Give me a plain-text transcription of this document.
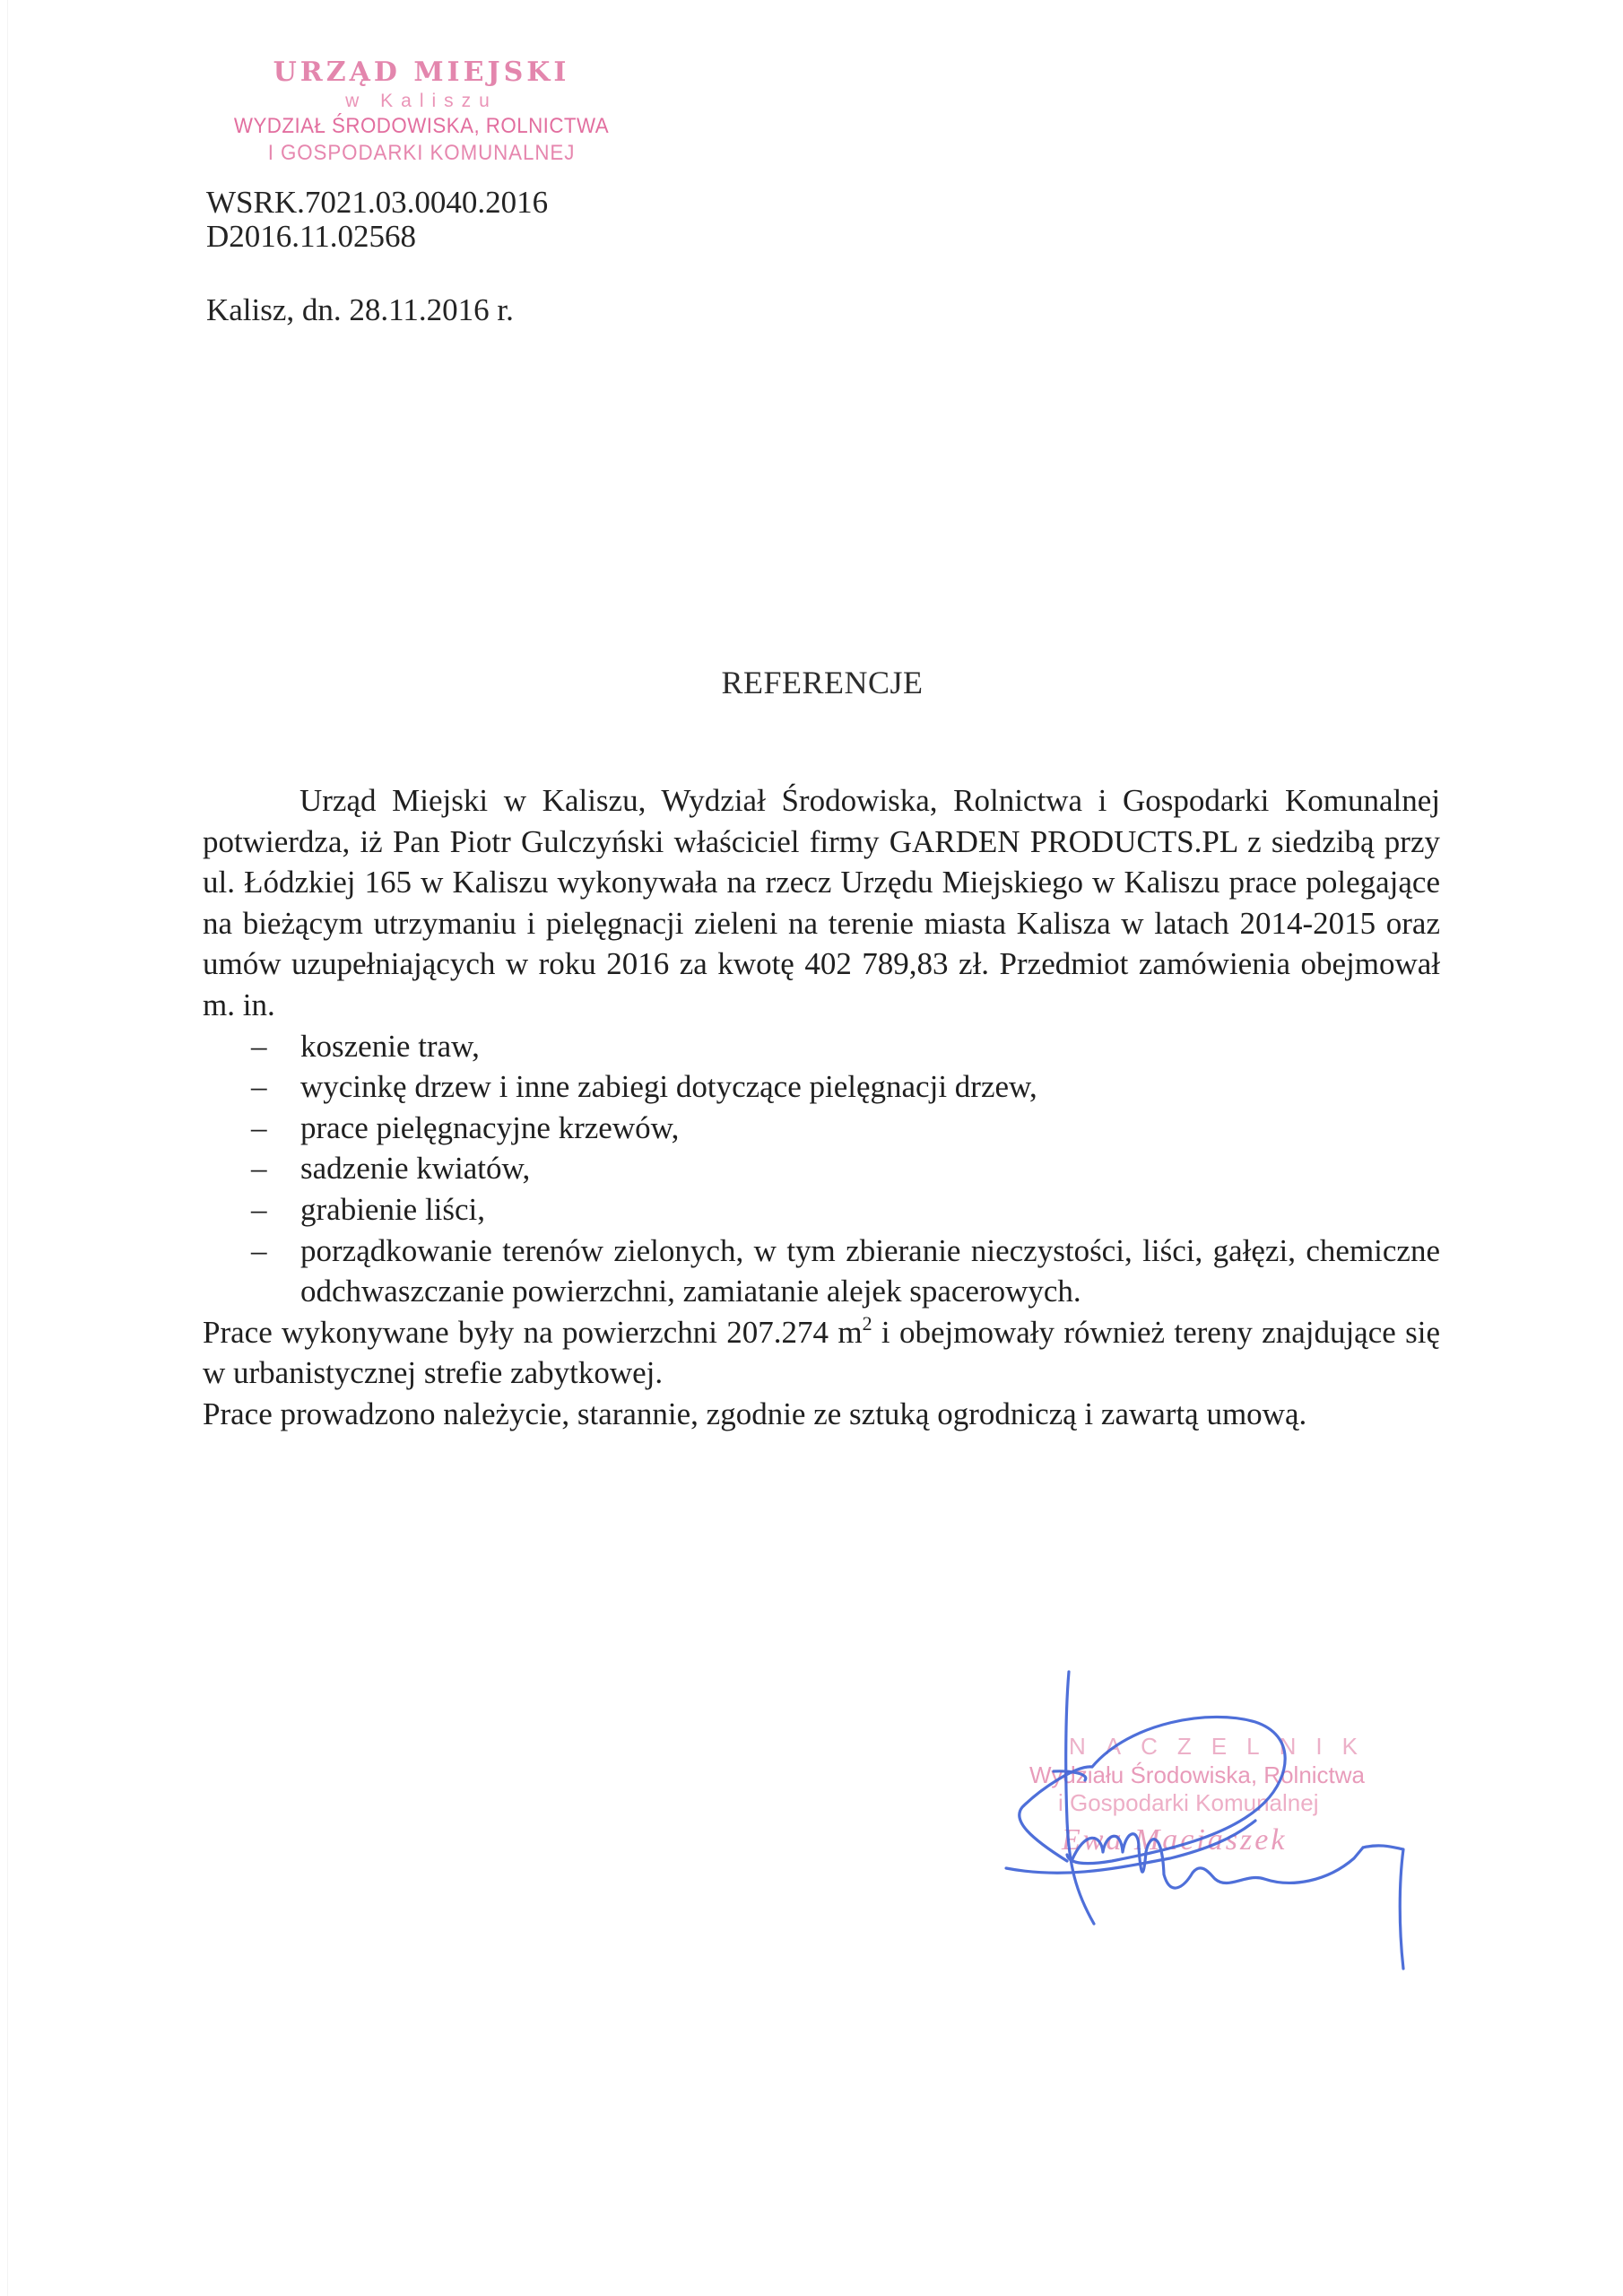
URZĄD MIEJSKI
w Kaliszu
WYDZIAŁ ŚRODOWISKA, ROLNICTWA
I GOSPODARKI KOMUNALNEJ
WSRK.7021.03.0040.2016
D2016.11.02568
Kalisz, dn. 28.11.2016 r.
REFERENCJE

Urząd Miejski w Kaliszu, Wydział Środowiska, Rolnictwa i Gospodarki Komunalnej potwierdza, iż Pan Piotr Gulczyński właściciel firmy GARDEN PRODUCTS.PL z siedzibą przy ul. Łódzkiej 165 w Kaliszu wykonywała na rzecz Urzędu Miejskiego w Kaliszu prace polegające na bieżącym utrzymaniu i pielęgnacji zieleni na terenie miasta Kalisza w latach 2014-2015 oraz umów uzupełniających w roku 2016 za kwotę 402 789,83 zł. Przedmiot zamówienia obejmował m. in.

– koszenie traw,
– wycinkę drzew i inne zabiegi dotyczące pielęgnacji drzew,
– prace pielęgnacyjne krzewów,
– sadzenie kwiatów,
– grabienie liści,
– porządkowanie terenów zielonych, w tym zbieranie nieczystości, liści, gałęzi, chemiczne odchwaszczanie powierzchni, zamiatanie alejek spacerowych.

Prace wykonywane były na powierzchni 207.274 $m^2$ i obejmowały również tereny znajdujące się w urbanistycznej strefie zabytkowej.

Prace prowadzono należycie, starannie, zgodnie ze sztuką ogrodniczą i zawartą umową.

NACZELNIK
Wydziału Środowiska, Rolnictwa
i Gospodarki Komunalnej
Ewa Maciaszek
